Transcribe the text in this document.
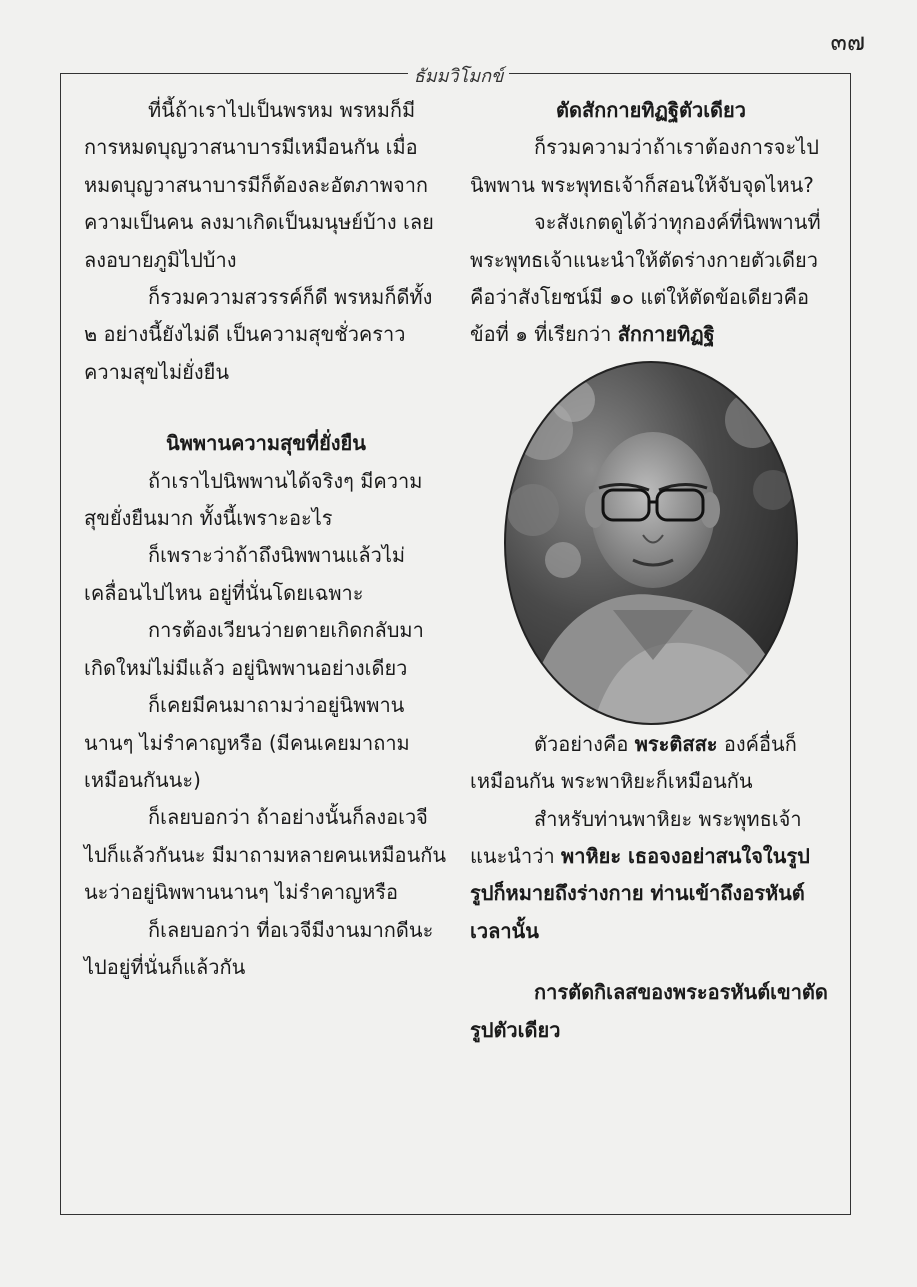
๓๗
ธัมมวิโมกข์

ที่นี้ถ้าเราไปเป็นพรหม พรหมก็มีการหมดบุญวาสนาบารมีเหมือนกัน เมื่อหมดบุญวาสนาบารมีก็ต้องละอัตภาพจากความเป็นคน ลงมาเกิดเป็นมนุษย์บ้าง เลยลงอบายภูมิไปบ้าง

ก็รวมความสวรรค์ก็ดี พรหมก็ดีทั้ง ๒ อย่างนี้ยังไม่ดี เป็นความสุขชั่วคราวความสุขไม่ยั่งยืน

นิพพานความสุขที่ยั่งยืน

ถ้าเราไปนิพพานได้จริงๆ มีความสุขยั่งยืนมาก ทั้งนี้เพราะอะไร

ก็เพราะว่าถ้าถึงนิพพานแล้วไม่เคลื่อนไปไหน อยู่ที่นั่นโดยเฉพาะ

การต้องเวียนว่ายตายเกิดกลับมาเกิดใหม่ไม่มีแล้ว อยู่นิพพานอย่างเดียว

ก็เคยมีคนมาถามว่าอยู่นิพพานนานๆ ไม่รำคาญหรือ (มีคนเคยมาถามเหมือนกันนะ)

ก็เลยบอกว่า ถ้าอย่างนั้นก็ลงอเวจีไปก็แล้วกันนะ มีมาถามหลายคนเหมือนกันนะว่าอยู่นิพพานนานๆ ไม่รำคาญหรือ

ก็เลยบอกว่า ที่อเวจีมีงานมากดีนะไปอยู่ที่นั่นก็แล้วกัน

ตัดสักกายทิฏฐิตัวเดียว

ก็รวมความว่าถ้าเราต้องการจะไปนิพพาน พระพุทธเจ้าก็สอนให้จับจุดไหน?

จะสังเกตดูได้ว่าทุกองค์ที่นิพพานที่พระพุทธเจ้าแนะนำให้ตัดร่างกายตัวเดียว คือว่าสังโยชน์มี ๑๐ แต่ให้ตัดข้อเดียวคือข้อที่ ๑ ที่เรียกว่า สักกายทิฏฐิ

ตัวอย่างคือ พระติสสะ องค์อื่นก็เหมือนกัน พระพาหิยะก็เหมือนกัน

สำหรับท่านพาหิยะ พระพุทธเจ้าแนะนำว่า พาหิยะ เธอจงอย่าสนใจในรูป รูปก็หมายถึงร่างกาย ท่านเข้าถึงอรหันต์เวลานั้น

การตัดกิเลสของพระอรหันต์เขาตัดรูปตัวเดียว
